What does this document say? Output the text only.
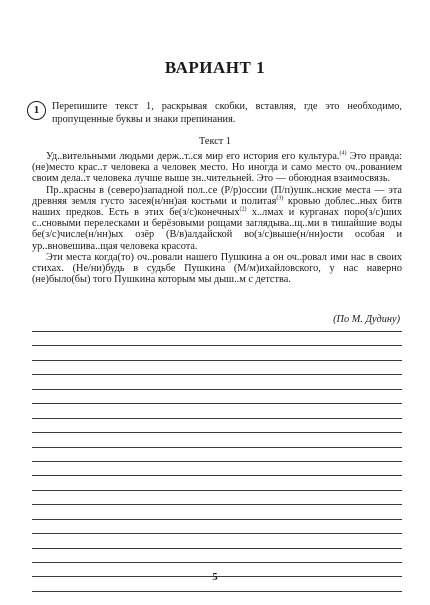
ВАРИАНТ 1
1	Перепишите текст 1, раскрывая скобки, вставляя, где это необходимо, пропущенные буквы и знаки препинания.
Текст 1

Уд..вительными людьми держ..т..ся мир его история его культура.$^{(4)}$ Это правда: (не)место крас..т человека а человек место. Но иногда и само место оч..рованием своим дела..т человека лучше выше зн..чительней. Это — обоюдная взаимосвязь.

Пр..красны в (северо)западной пол..се (Р/р)оссии (П/п)ушк..нские места — эта древняя земля густо засея(н/нн)ая костьми и политая$^{(3)}$ кровью доблес..ных битв наших предков. Есть в этих бе(з/с)конечных$^{(2)}$ х..лмах и курганах поро(з/с)ших с..сновыми перелесками и берёзовыми рощами заглядыва..щ..ми в тишайшие воды бе(з/с)числе(н/нн)ых озёр (В/в)алдайской во(з/с)выше(н/нн)ости особая и ур..вновешива..щая человека красота.

Эти места когда(то) оч..ровали нашего Пушкина а он оч..ровал ими нас в своих стихах. (Не/ни)будь в судьбе Пушкина (М/м)ихайловского, у нас наверно (не)было(бы) того Пушкина которым мы дыш..м с детства.

(По М. Дудину)
5
